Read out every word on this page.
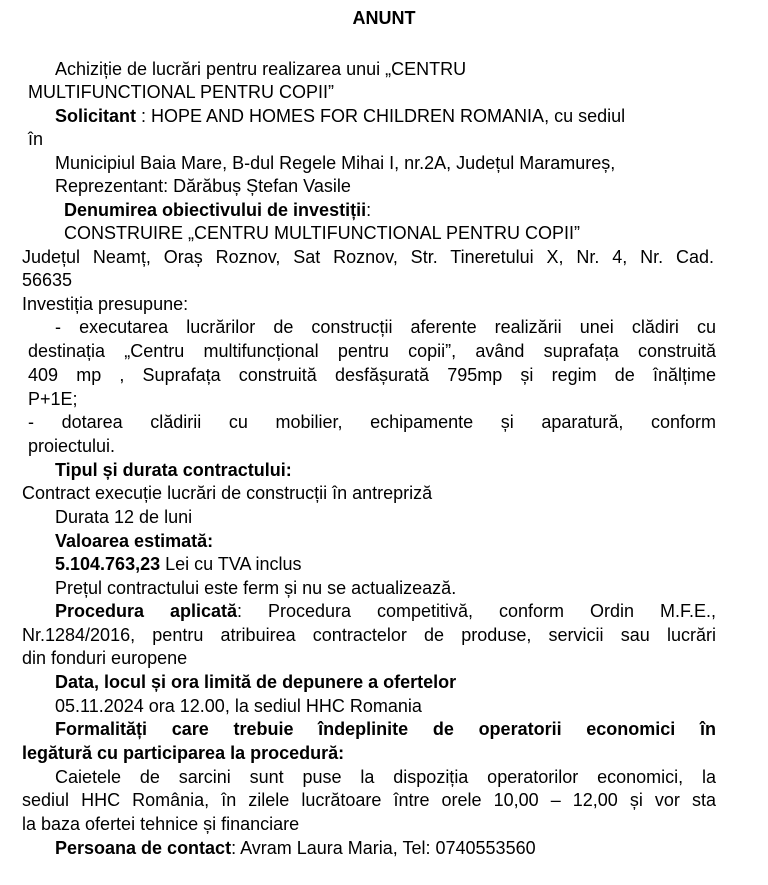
ANUNT
Achiziție de lucrări pentru realizarea unui „CENTRU
MULTIFUNCTIONAL PENTRU COPII”
Solicitant : HOPE AND HOMES FOR CHILDREN ROMANIA, cu sediul
în
Municipiul Baia Mare, B-dul Regele Mihai I, nr.2A, Județul Maramureș,
Reprezentant: Dărăbuș Ștefan Vasile
Denumirea obiectivului de investiții:
CONSTRUIRE „CENTRU MULTIFUNCTIONAL PENTRU COPII”
Județul Neamț, Oraș Roznov, Sat Roznov, Str. Tineretului X, Nr. 4, Nr. Cad.
56635
Investiția presupune:
- executarea lucrărilor de construcții aferente realizării unei clădiri cu
destinația „Centru multifuncțional pentru copii”, având suprafața construită
409 mp , Suprafața construită desfășurată 795mp și regim de înălțime
P+1E;
- dotarea clădirii cu mobilier, echipamente și aparatură, conform
proiectului.
Tipul și durata contractului:
Contract execuție lucrări de construcții în antrepriză
Durata 12 de luni
Valoarea estimată:
5.104.763,23 Lei cu TVA inclus
Prețul contractului este ferm și nu se actualizează.
Procedura aplicată: Procedura competitivă, conform Ordin M.F.E.,
Nr.1284/2016, pentru atribuirea contractelor de produse, servicii sau lucrări
din fonduri europene
Data, locul și ora limită de depunere a ofertelor
05.11.2024 ora 12.00, la sediul HHC Romania
Formalități care trebuie îndeplinite de operatorii economici în
legătură cu participarea la procedură:
Caietele de sarcini sunt puse la dispoziția operatorilor economici, la
sediul HHC România, în zilele lucrătoare între orele 10,00 – 12,00 și vor sta
la baza ofertei tehnice și financiare
Persoana de contact: Avram Laura Maria, Tel: 0740553560
